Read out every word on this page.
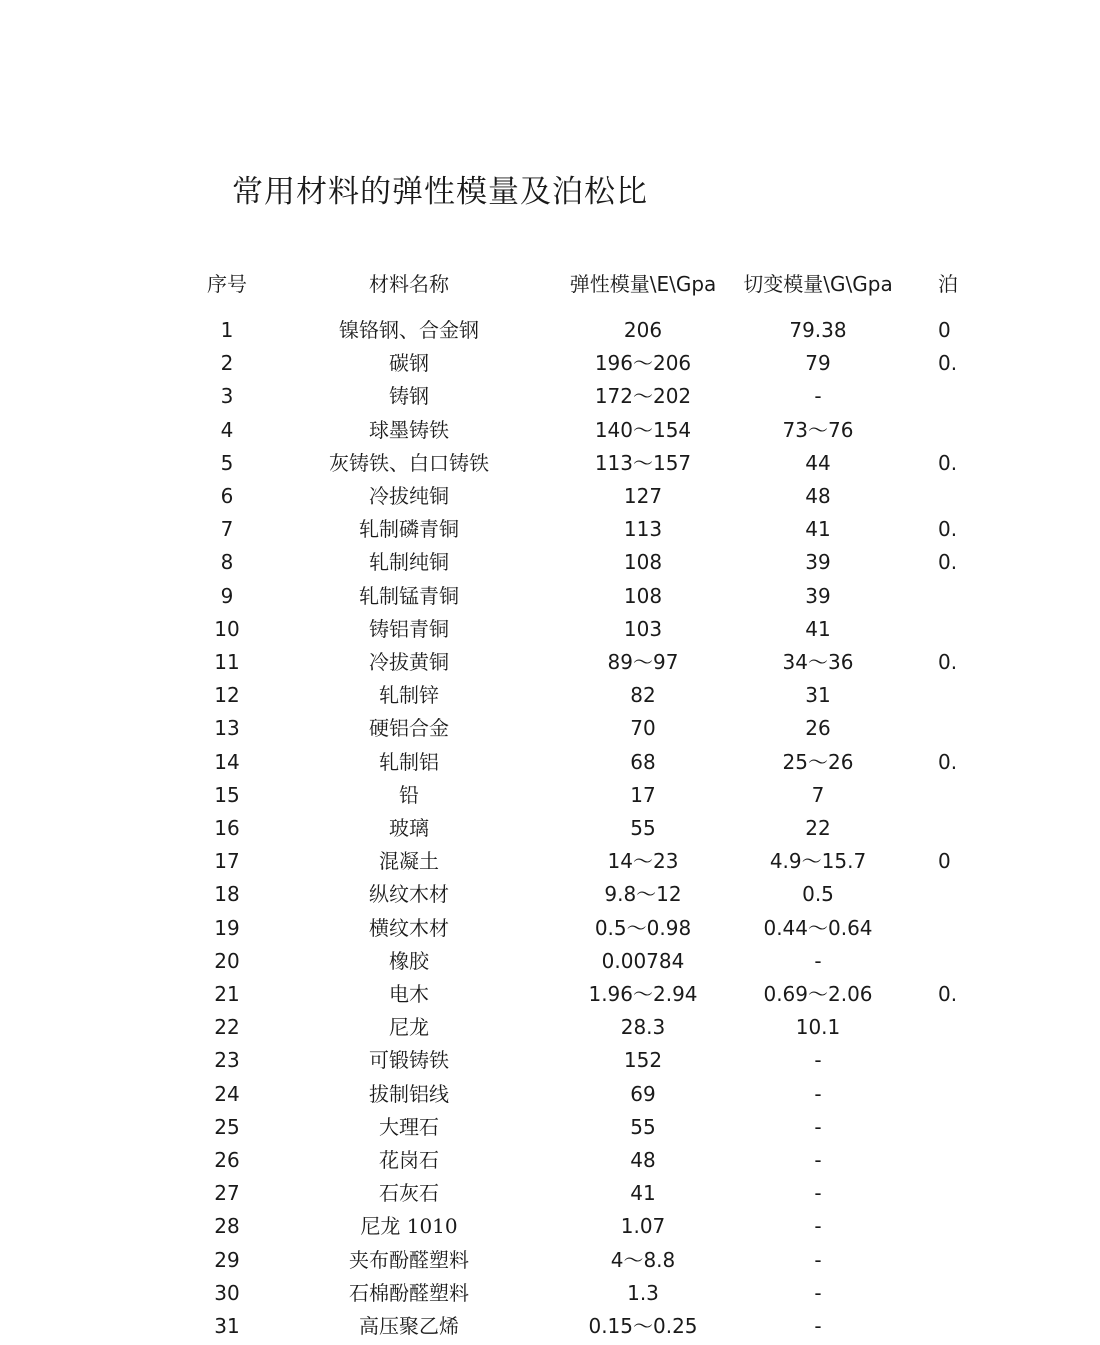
常用材料的弹性模量及泊松比
序号	材料名称	弹性模量\E\Gpa	切变模量\G\Gpa	泊
1	镍铬钢、合金钢	206	79.38	0
2	碳钢	196～206	79	0.
3	铸钢	172～202	-
4	球墨铸铁	140～154	73～76
5	灰铸铁、白口铸铁	113～157	44	0.
6	冷拔纯铜	127	48
7	轧制磷青铜	113	41	0.
8	轧制纯铜	108	39	0.
9	轧制锰青铜	108	39
10	铸铝青铜	103	41
11	冷拔黄铜	89～97	34～36	0.
12	轧制锌	82	31
13	硬铝合金	70	26
14	轧制铝	68	25～26	0.
15	铅	17	7
16	玻璃	55	22
17	混凝土	14～23	4.9～15.7	0
18	纵纹木材	9.8～12	0.5
19	横纹木材	0.5～0.98	0.44～0.64
20	橡胶	0.00784	-
21	电木	1.96～2.94	0.69～2.06	0.
22	尼龙	28.3	10.1
23	可锻铸铁	152	-
24	拔制铝线	69	-
25	大理石	55	-
26	花岗石	48	-
27	石灰石	41	-
28	尼龙 1010	1.07	-
29	夹布酚醛塑料	4～8.8	-
30	石棉酚醛塑料	1.3	-
31	高压聚乙烯	0.15～0.25	-
